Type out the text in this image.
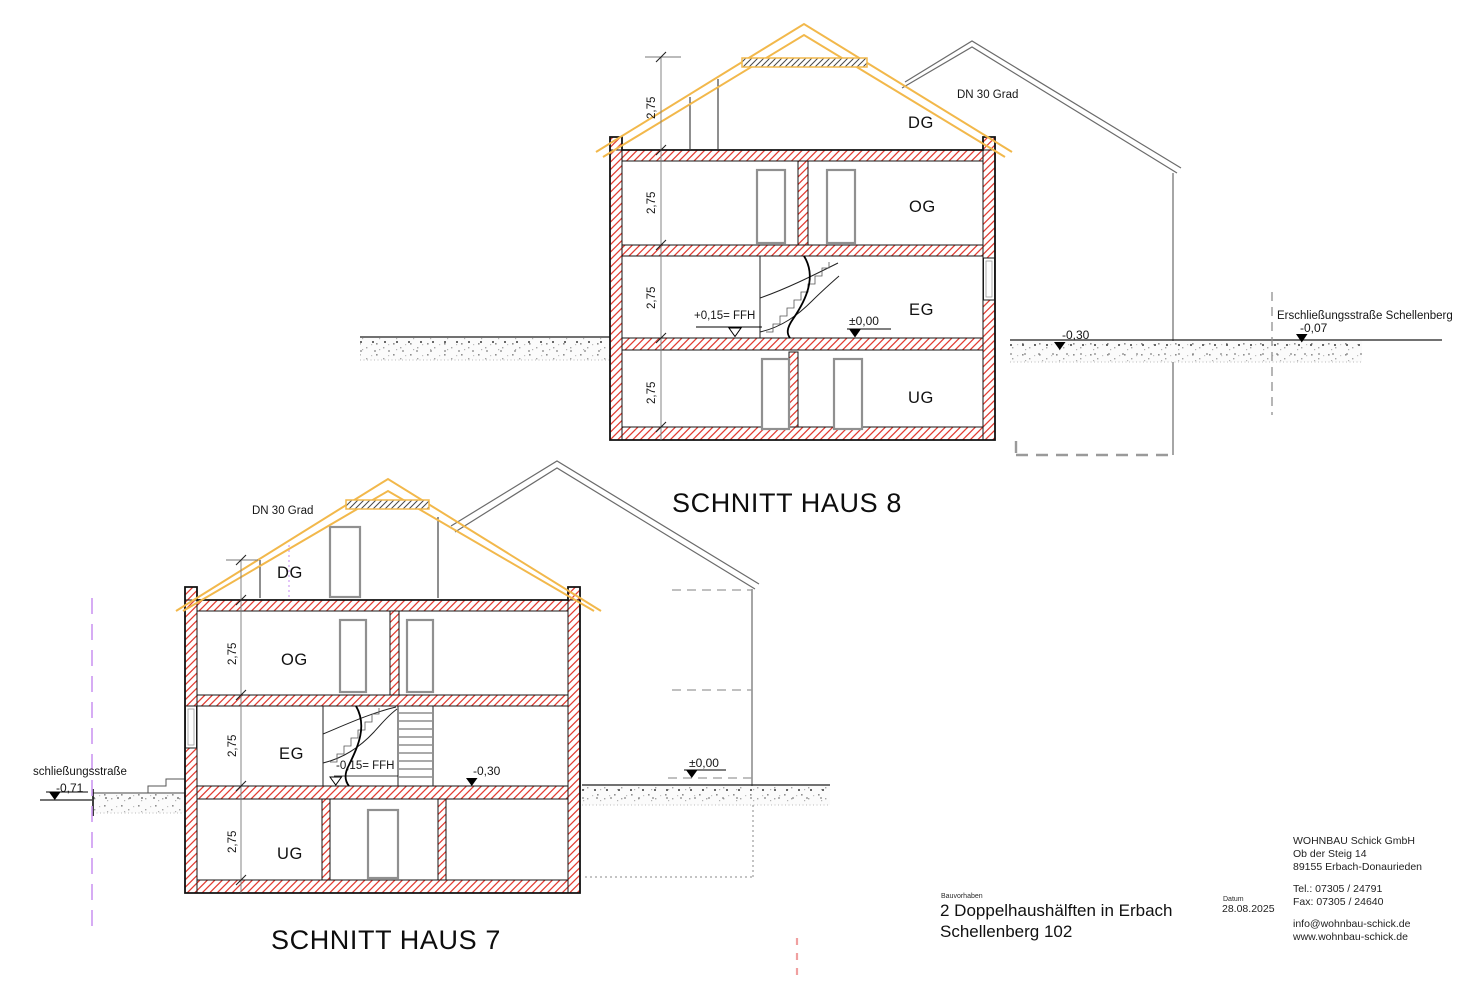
DN 30 Grad
DG
OG
EG
UG
2,75
2,75
2,75
2,75
+0,15= FFH	±0,00
-0,30
Erschließungsstraße Schellenberg
-0,07
SCHNITT HAUS 8
DN 30 Grad
DG
OG
EG
UG
2,75
2,75
2,75
-0,15= FFH	-0,30
±0,00
schließungsstraße
-0,71
SCHNITT HAUS 7
Bauvorhaben
2 Doppelhaushälften in Erbach
Schellenberg 102
Datum
28.08.2025
WOHNBAU Schick GmbH
Ob der Steig 14
89155 Erbach-Donaurieden
Tel.: 07305 / 24791
Fax: 07305 / 24640
info@wohnbau-schick.de
www.wohnbau-schick.de
